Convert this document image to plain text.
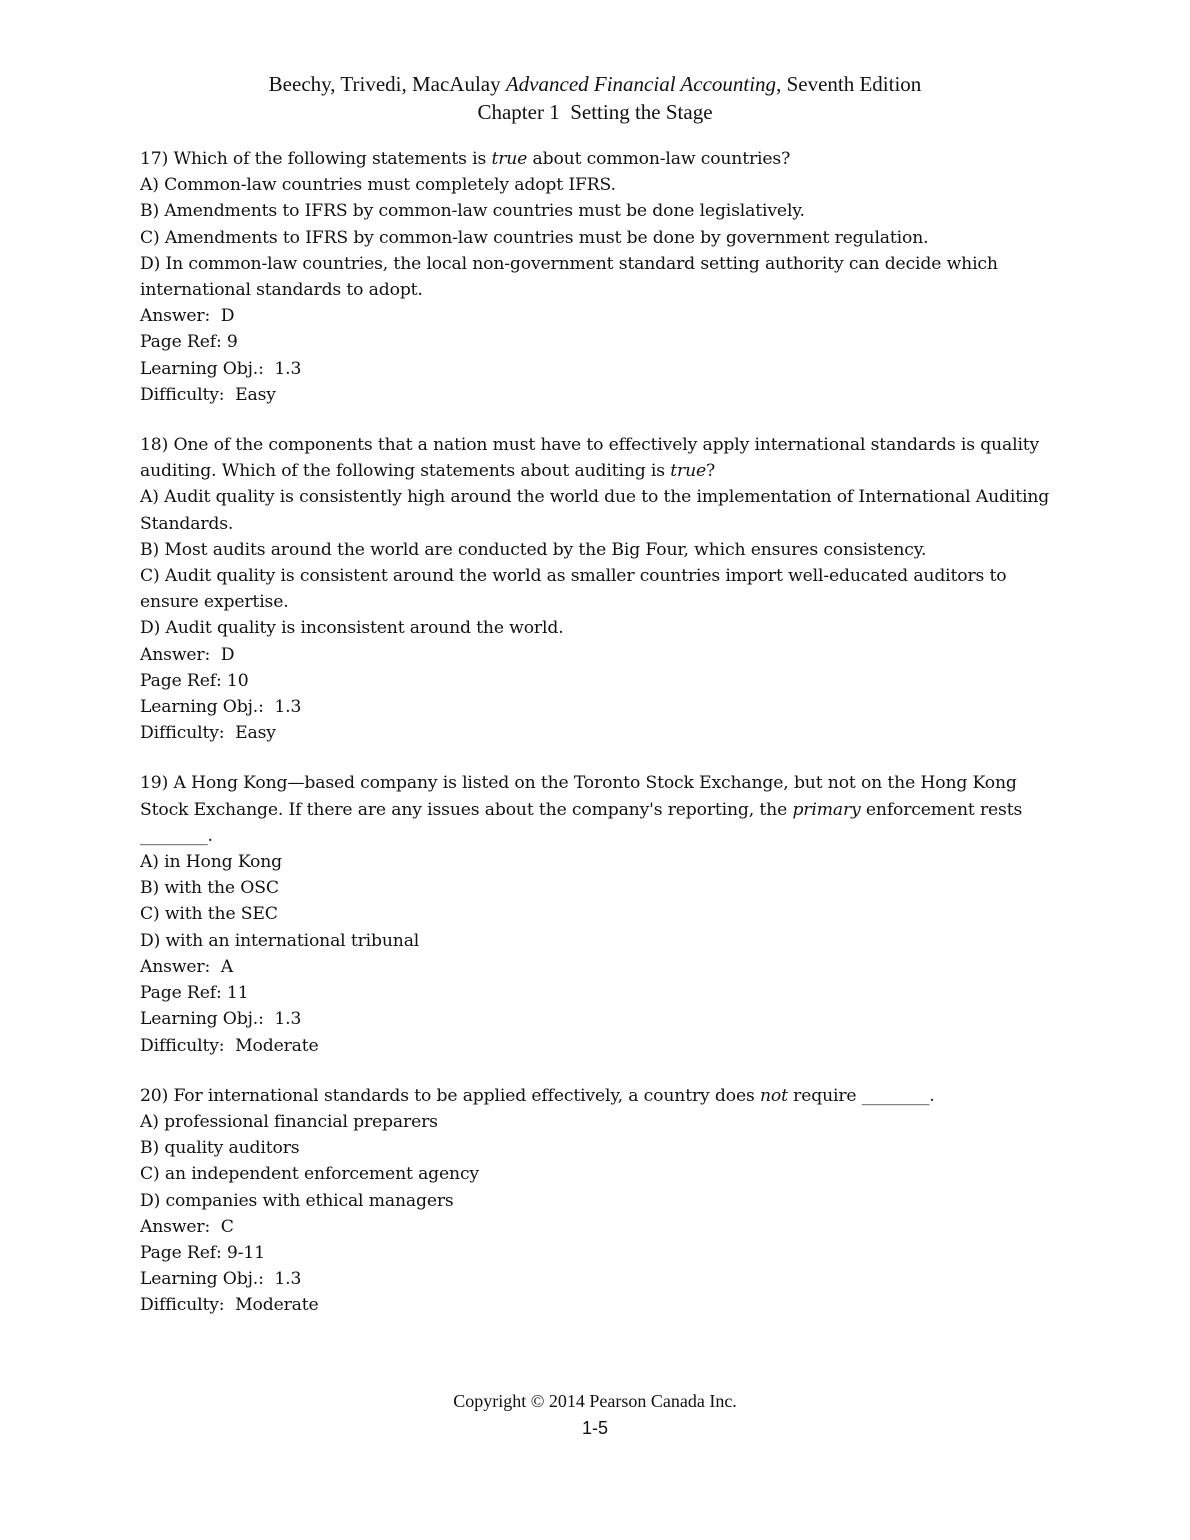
Beechy, Trivedi, MacAulay Advanced Financial Accounting, Seventh Edition
Chapter 1  Setting the Stage
17) Which of the following statements is true about common-law countries?
A) Common-law countries must completely adopt IFRS.
B) Amendments to IFRS by common-law countries must be done legislatively.
C) Amendments to IFRS by common-law countries must be done by government regulation.
D) In common-law countries, the local non-government standard setting authority can decide which international standards to adopt.
Answer:  D
Page Ref: 9
Learning Obj.:  1.3
Difficulty:  Easy
18) One of the components that a nation must have to effectively apply international standards is quality auditing. Which of the following statements about auditing is true?
A) Audit quality is consistently high around the world due to the implementation of International Auditing Standards.
B) Most audits around the world are conducted by the Big Four, which ensures consistency.
C) Audit quality is consistent around the world as smaller countries import well-educated auditors to ensure expertise.
D) Audit quality is inconsistent around the world.
Answer:  D
Page Ref: 10
Learning Obj.:  1.3
Difficulty:  Easy
19) A Hong Kong—based company is listed on the Toronto Stock Exchange, but not on the Hong Kong Stock Exchange. If there are any issues about the company's reporting, the primary enforcement rests ________.
A) in Hong Kong
B) with the OSC
C) with the SEC
D) with an international tribunal
Answer:  A
Page Ref: 11
Learning Obj.:  1.3
Difficulty:  Moderate
20) For international standards to be applied effectively, a country does not require ________.
A) professional financial preparers
B) quality auditors
C) an independent enforcement agency
D) companies with ethical managers
Answer:  C
Page Ref: 9-11
Learning Obj.:  1.3
Difficulty:  Moderate
Copyright © 2014 Pearson Canada Inc.
1-5
